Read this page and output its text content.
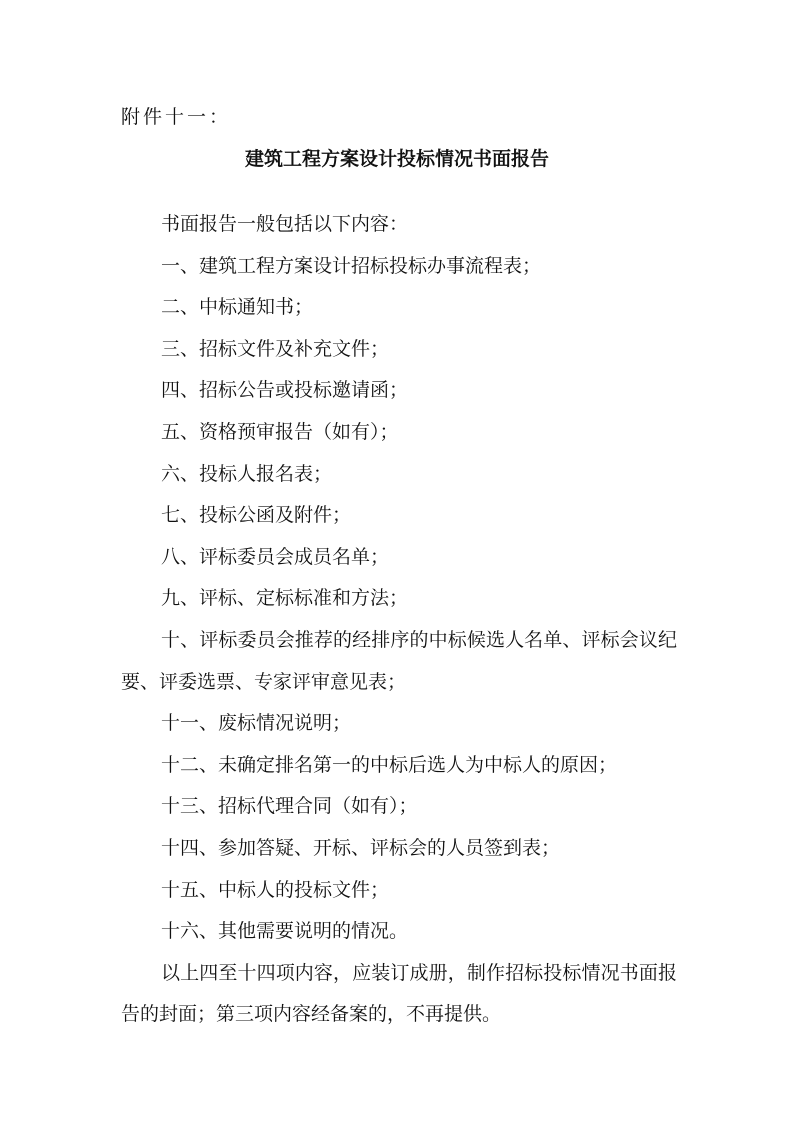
附件十一：
建筑工程方案设计投标情况书面报告

书面报告一般包括以下内容：

一、建筑工程方案设计招标投标办事流程表；

二、中标通知书；

三、招标文件及补充文件；

四、招标公告或投标邀请函；

五、资格预审报告（如有）；

六、投标人报名表；

七、投标公函及附件；

八、评标委员会成员名单；

九、评标、定标标准和方法；

十、评标委员会推荐的经排序的中标候选人名单、评标会议纪要、评委选票、专家评审意见表；

十一、废标情况说明；

十二、未确定排名第一的中标后选人为中标人的原因；

十三、招标代理合同（如有）；

十四、参加答疑、开标、评标会的人员签到表；

十五、中标人的投标文件；

十六、其他需要说明的情况。

以上四至十四项内容，应装订成册，制作招标投标情况书面报告的封面；第三项内容经备案的，不再提供。
